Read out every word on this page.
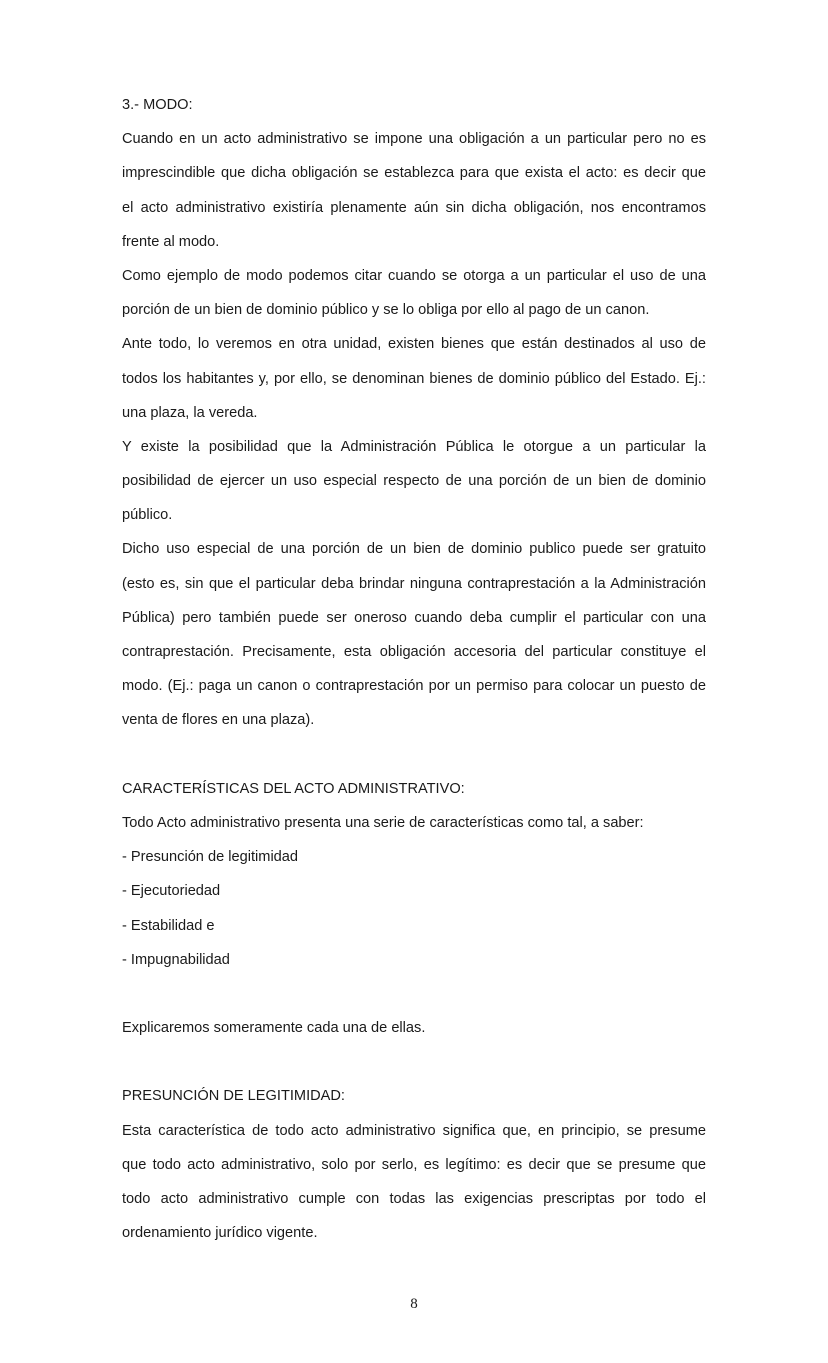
3.- MODO:
Cuando en un acto administrativo se impone una obligación a un particular pero no es
imprescindible que dicha obligación se establezca para que exista el acto: es decir que
el acto administrativo existiría plenamente aún sin dicha obligación, nos encontramos
frente al modo.
Como ejemplo de modo podemos citar cuando se otorga a un particular el uso de una
porción de un bien de dominio público y se lo obliga por ello al pago de un canon.
Ante todo, lo veremos en otra unidad, existen bienes que están destinados al uso de
todos los habitantes y, por ello, se denominan bienes de dominio público del Estado. Ej.:
una plaza, la vereda.
Y existe la posibilidad que la Administración Pública le otorgue a un particular la
posibilidad de ejercer un uso especial respecto de una porción de un bien de dominio
público.
Dicho uso especial de una porción de un bien de dominio publico puede ser gratuito
(esto es, sin que el particular deba brindar ninguna contraprestación a la Administración
Pública) pero también puede ser oneroso cuando deba cumplir el particular con una
contraprestación. Precisamente, esta obligación accesoria del particular constituye el
modo. (Ej.: paga un canon o contraprestación por un permiso para colocar un puesto de
venta de flores en una plaza).
CARACTERÍSTICAS DEL ACTO ADMINISTRATIVO:
Todo Acto administrativo presenta una serie de características como tal, a saber:
- Presunción de legitimidad
- Ejecutoriedad
- Estabilidad e
- Impugnabilidad
Explicaremos someramente cada una de ellas.
PRESUNCIÓN DE LEGITIMIDAD:
Esta característica de todo acto administrativo significa que, en principio, se presume
que todo acto administrativo, solo por serlo, es legítimo: es decir que se presume que
todo acto administrativo cumple con todas las exigencias prescriptas por todo el
ordenamiento jurídico vigente.
8
